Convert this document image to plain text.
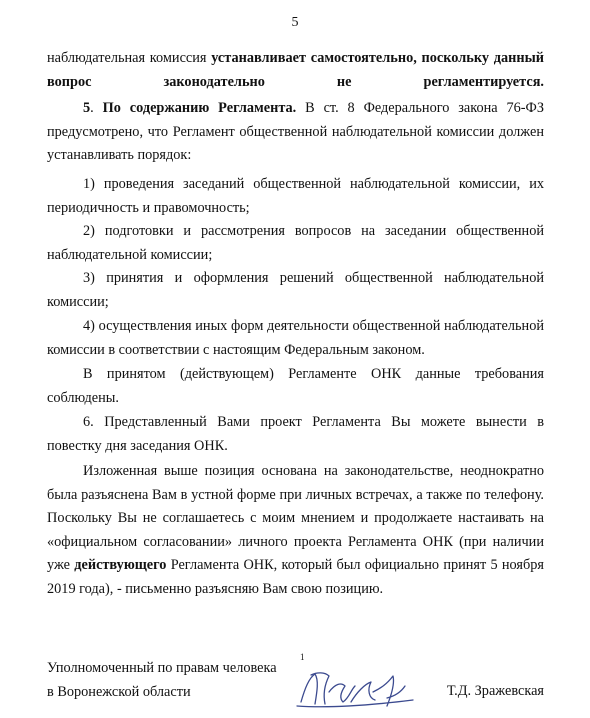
5

наблюдательная комиссия устанавливает самостоятельно, поскольку данный вопрос законодательно не регламентируется.

5. По содержанию Регламента. В ст. 8 Федерального закона 76-ФЗ предусмотрено, что Регламент общественной наблюдательной комиссии должен устанавливать порядок:

1) проведения заседаний общественной наблюдательной комиссии, их периодичность и правомочность;

2) подготовки и рассмотрения вопросов на заседании общественной наблюдательной комиссии;

3) принятия и оформления решений общественной наблюдательной комиссии;

4) осуществления иных форм деятельности общественной наблюдательной комиссии в соответствии с настоящим Федеральным законом.

В принятом (действующем) Регламенте ОНК данные требования соблюдены.

6. Представленный Вами проект Регламента Вы можете вынести в повестку дня заседания ОНК.

Изложенная выше позиция основана на законодательстве, неоднократно была разъяснена Вам в устной форме при личных встречах, а также по телефону. Поскольку Вы не соглашаетесь с моим мнением и продолжаете настаивать на «официальном согласовании» личного проекта Регламента ОНК (при наличии уже действующего Регламента ОНК, который был официально принят 5 ноября 2019 года), - письменно разъясняю Вам свою позицию.

Уполномоченный по правам человека
в Воронежской области
1
Т.Д. Зражевская
